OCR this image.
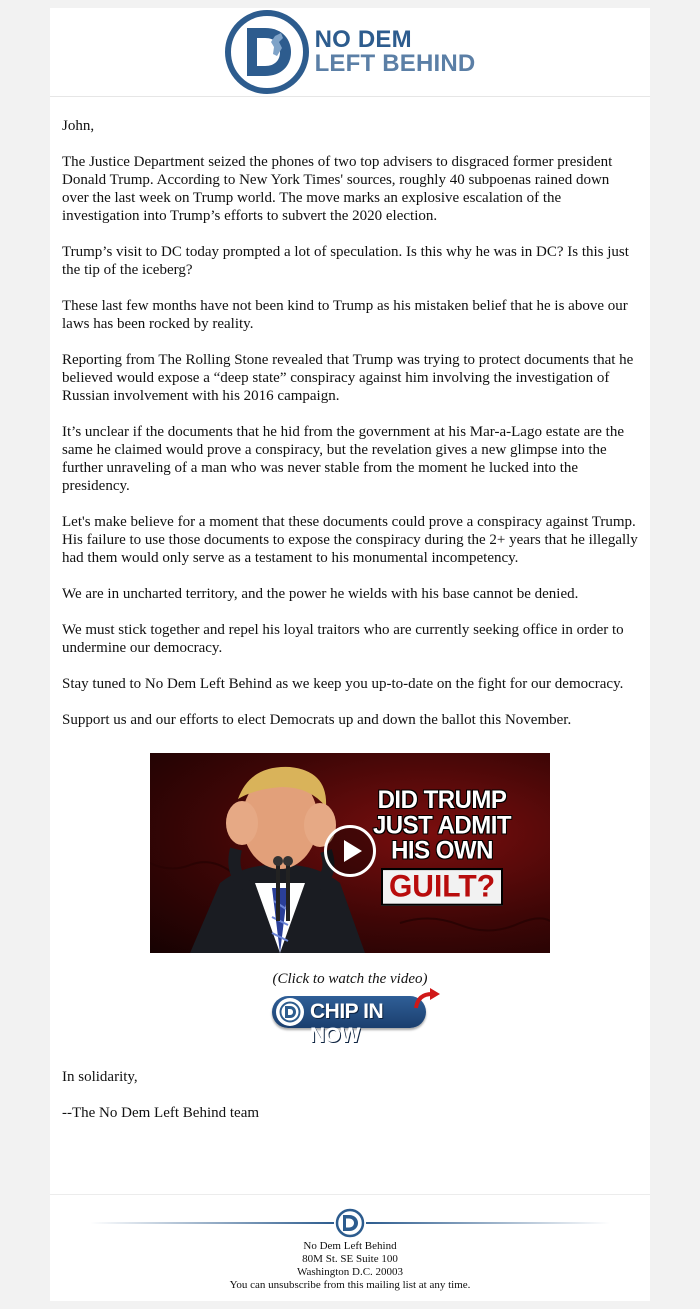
NO DEM
LEFT BEHIND

John,

The Justice Department seized the phones of two top advisers to disgraced former president Donald Trump. According to New York Times' sources, roughly 40 subpoenas rained down over the last week on Trump world. The move marks an explosive escalation of the investigation into Trump’s efforts to subvert the 2020 election.

Trump’s visit to DC today prompted a lot of speculation. Is this why he was in DC? Is this just the tip of the iceberg?

These last few months have not been kind to Trump as his mistaken belief that he is above our laws has been rocked by reality.

Reporting from The Rolling Stone revealed that Trump was trying to protect documents that he believed would expose a “deep state” conspiracy against him involving the investigation of Russian involvement with his 2016 campaign.

It’s unclear if the documents that he hid from the government at his Mar-a-Lago estate are the same he claimed would prove a conspiracy, but the revelation gives a new glimpse into the further unraveling of a man who was never stable from the moment he lucked into the presidency.

Let's make believe for a moment that these documents could prove a conspiracy against Trump. His failure to use those documents to expose the conspiracy during the 2+ years that he illegally had them would only serve as a testament to his monumental incompetency.

We are in uncharted territory, and the power he wields with his base cannot be denied.

We must stick together and repel his loyal traitors who are currently seeking office in order to undermine our democracy.

Stay tuned to No Dem Left Behind as we keep you up-to-date on the fight for our democracy.

Support us and our efforts to elect Democrats up and down the ballot this November.

DID TRUMP
JUST ADMIT
HIS OWN
GUILT?
(Click to watch the video)
CHIP IN NOW

In solidarity,

--The No Dem Left Behind team

No Dem Left Behind
80M St. SE Suite 100
Washington D.C. 20003
You can unsubscribe from this mailing list at any time.
